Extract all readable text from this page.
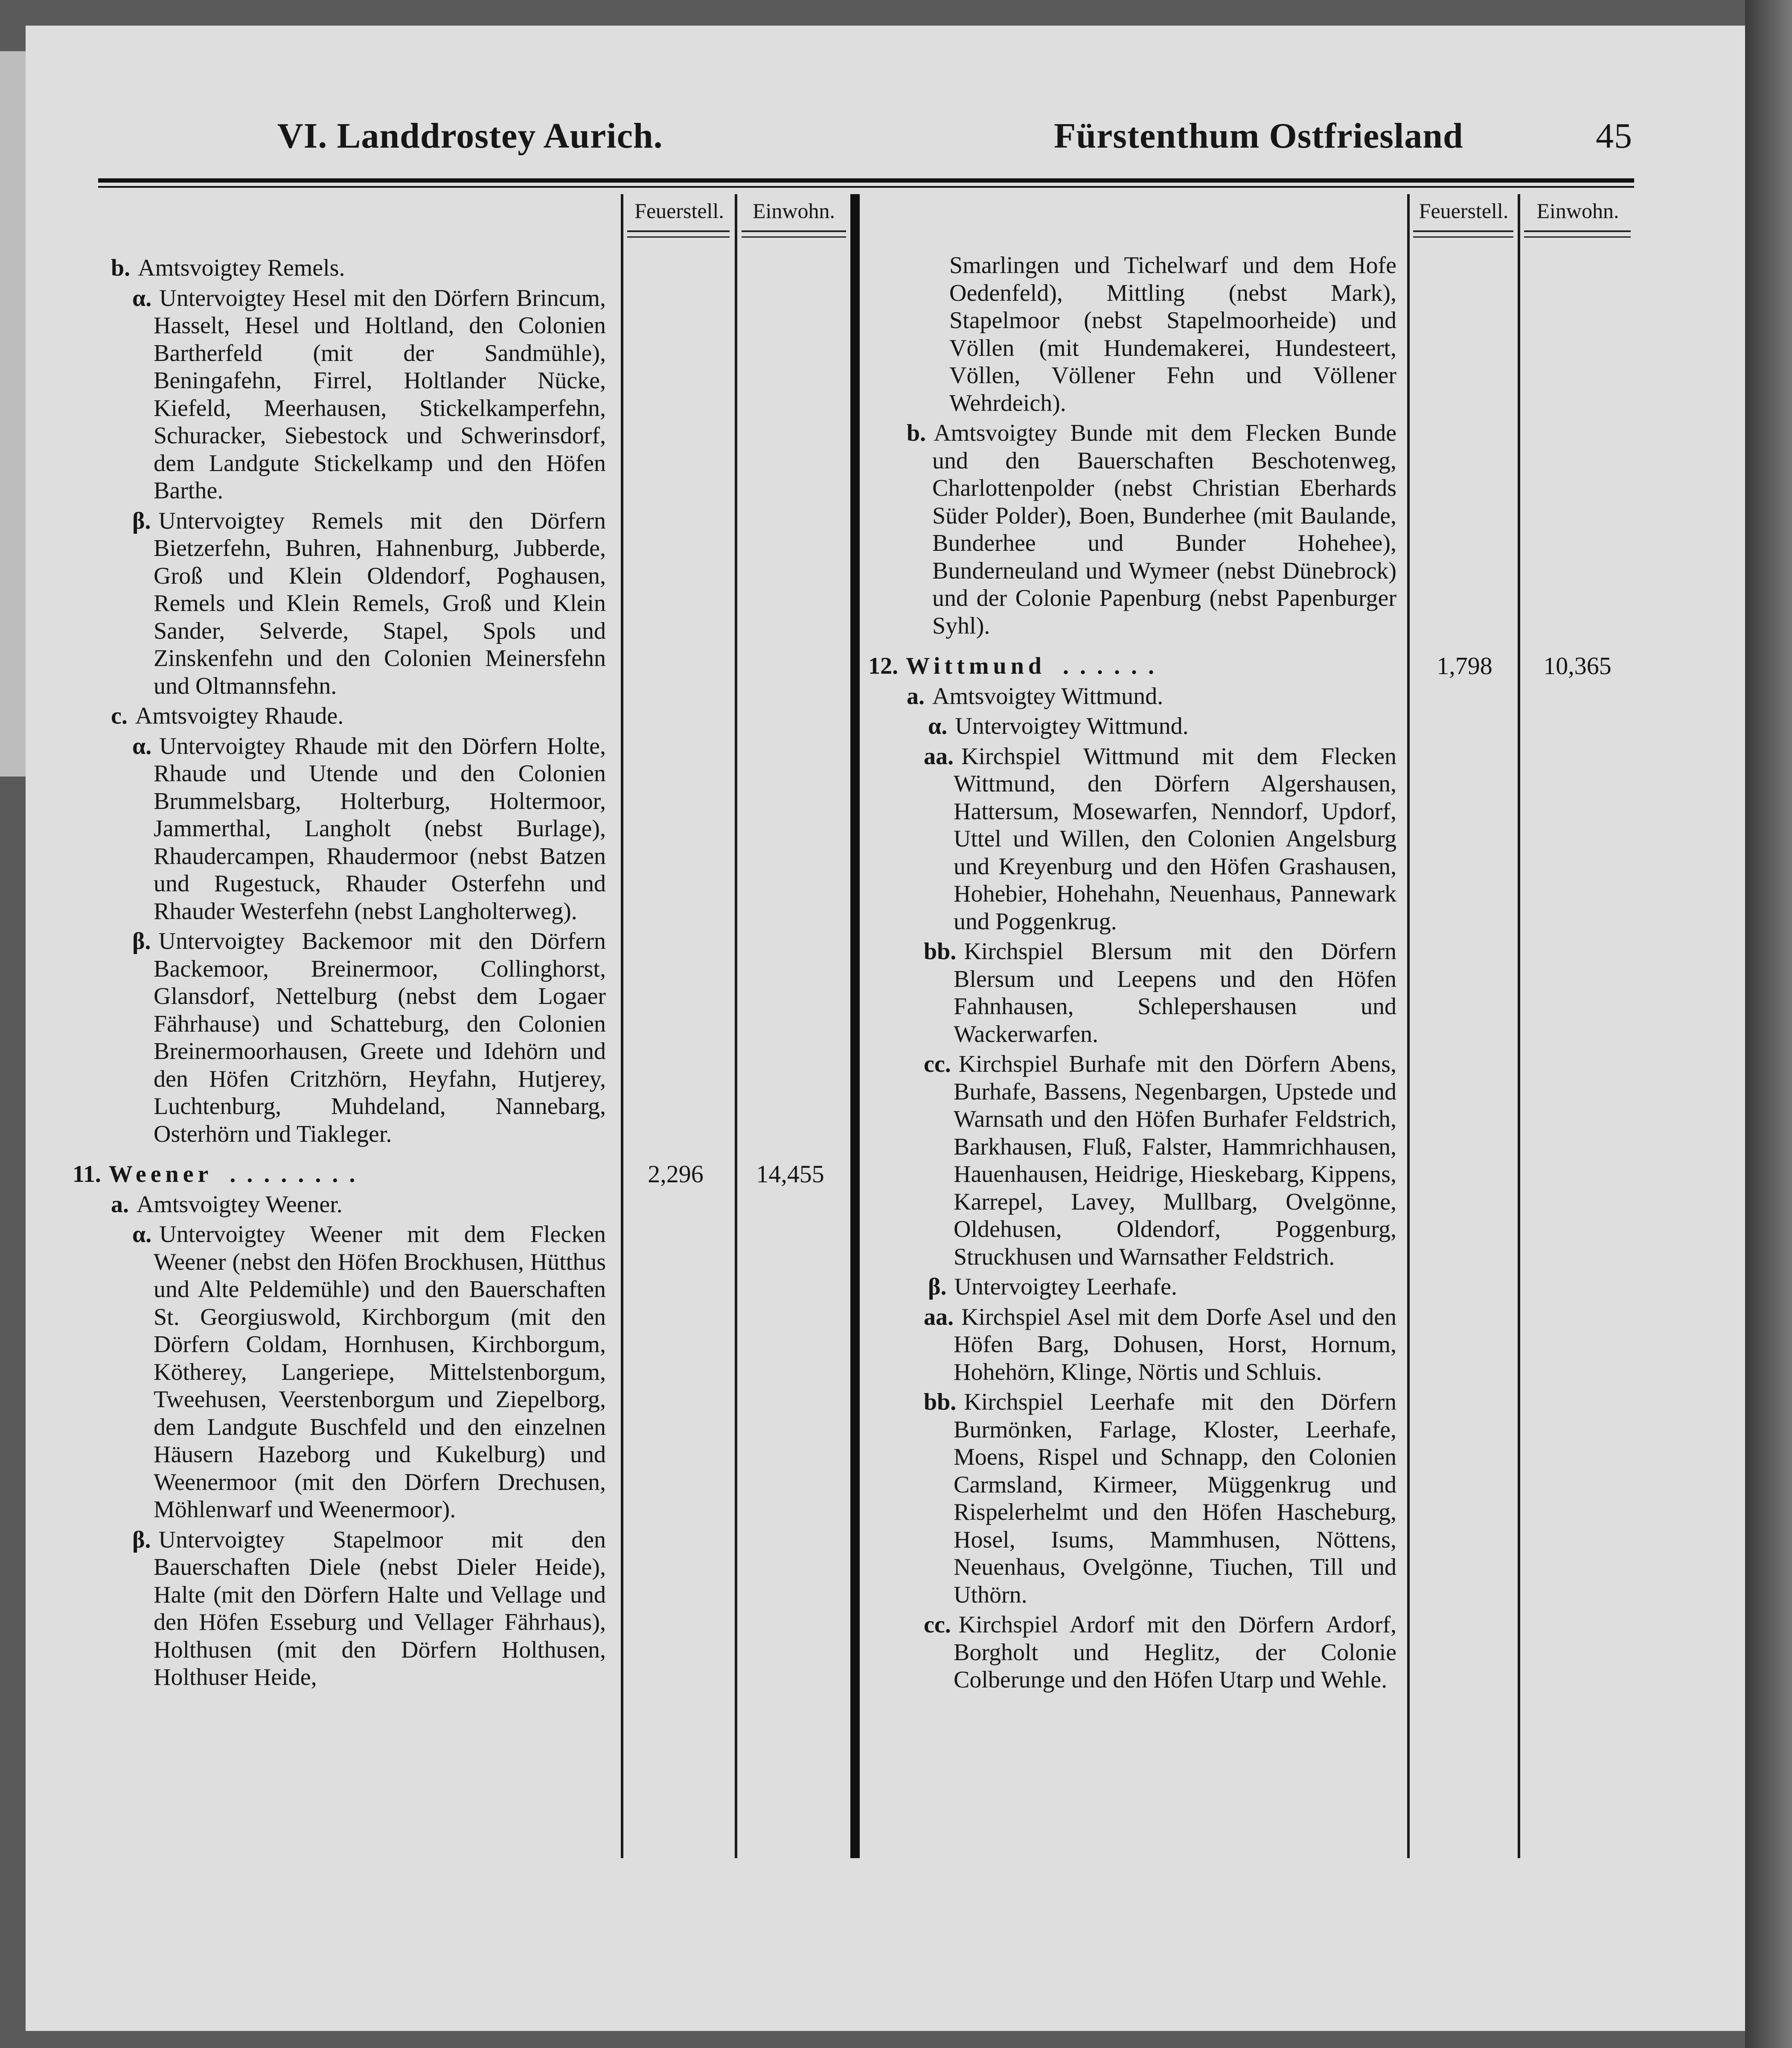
VI. Landdrostey Aurich.	Fürstenthum Ostfriesland	45
Feuerstell.	Einwohn.	Feuerstell.	Einwohn.
b. Amtsvoigtey Remels.
α. Untervoigtey Hesel mit den Dörfern Brincum, Hasselt, Hesel und Holtland, den Colonien Bartherfeld (mit der Sandmühle), Beningafehn, Firrel, Holtlander Nücke, Kiefeld, Meerhausen, Stickelkamperfehn, Schuracker, Siebestock und Schwerinsdorf, dem Landgute Stickelkamp und den Höfen Barthe.
β. Untervoigtey Remels mit den Dörfern Bietzerfehn, Buhren, Hahnenburg, Jubberde, Groß und Klein Oldendorf, Poghausen, Remels und Klein Remels, Groß und Klein Sander, Selverde, Stapel, Spols und Zinskenfehn und den Colonien Meinersfehn und Oltmannsfehn.
c. Amtsvoigtey Rhaude.
α. Untervoigtey Rhaude mit den Dörfern Holte, Rhaude und Utende und den Colonien Brummelsbarg, Holterburg, Holtermoor, Jammerthal, Langholt (nebst Burlage), Rhaudercampen, Rhaudermoor (nebst Batzen und Rugestuck, Rhauder Osterfehn und Rhauder Westerfehn (nebst Langholterweg).
β. Untervoigtey Backemoor mit den Dörfern Backemoor, Breinermoor, Collinghorst, Glansdorf, Nettelburg (nebst dem Logaer Fährhause) und Schatteburg, den Colonien Breinermoorhausen, Greete und Idehörn und den Höfen Critzhörn, Heyfahn, Hutjerey, Luchtenburg, Muhdeland, Nannebarg, Osterhörn und Tiakleger.
11. Weener ........	2,296	14,455
a. Amtsvoigtey Weener.
α. Untervoigtey Weener mit dem Flecken Weener (nebst den Höfen Brockhusen, Hütthus und Alte Peldemühle) und den Bauerschaften St. Georgiuswold, Kirchborgum (mit den Dörfern Coldam, Hornhusen, Kirchborgum, Kötherey, Langeriepe, Mittelstenborgum, Tweehusen, Veerstenborgum und Ziepelborg, dem Landgute Buschfeld und den einzelnen Häusern Hazeborg und Kukelburg) und Weenermoor (mit den Dörfern Drechusen, Möhlenwarf und Weenermoor).
β. Untervoigtey Stapelmoor mit den Bauerschaften Diele (nebst Dieler Heide), Halte (mit den Dörfern Halte und Vellage und den Höfen Esseburg und Vellager Fährhaus), Holthusen (mit den Dörfern Holthusen, Holthuser Heide,
Smarlingen und Tichelwarf und dem Hofe Oedenfeld), Mittling (nebst Mark), Stapelmoor (nebst Stapelmoorheide) und Völlen (mit Hundemakerei, Hundesteert, Völlen, Völlener Fehn und Völlener Wehrdeich).
b. Amtsvoigtey Bunde mit dem Flecken Bunde und den Bauerschaften Beschotenweg, Charlottenpolder (nebst Christian Eberhards Süder Polder), Boen, Bunderhee (mit Baulande, Bunderhee und Bunder Hohehee), Bunderneuland und Wymeer (nebst Dünebrock) und der Colonie Papenburg (nebst Papenburger Syhl).
12. Wittmund ......	1,798	10,365
a. Amtsvoigtey Wittmund.
α. Untervoigtey Wittmund.
aa. Kirchspiel Wittmund mit dem Flecken Wittmund, den Dörfern Algershausen, Hattersum, Mosewarfen, Nenndorf, Updorf, Uttel und Willen, den Colonien Angelsburg und Kreyenburg und den Höfen Grashausen, Hohebier, Hohehahn, Neuenhaus, Pannewark und Poggenkrug.
bb. Kirchspiel Blersum mit den Dörfern Blersum und Leepens und den Höfen Fahnhausen, Schlepershausen und Wackerwarfen.
cc. Kirchspiel Burhafe mit den Dörfern Abens, Burhafe, Bassens, Negenbargen, Upstede und Warnsath und den Höfen Burhafer Feldstrich, Barkhausen, Fluß, Falster, Hammrichhausen, Hauenhausen, Heidrige, Hieskebarg, Kippens, Karrepel, Lavey, Mullbarg, Ovelgönne, Oldehusen, Oldendorf, Poggenburg, Struckhusen und Warnsather Feldstrich.
β. Untervoigtey Leerhafe.
aa. Kirchspiel Asel mit dem Dorfe Asel und den Höfen Barg, Dohusen, Horst, Hornum, Hohehörn, Klinge, Nörtis und Schluis.
bb. Kirchspiel Leerhafe mit den Dörfern Burmönken, Farlage, Kloster, Leerhafe, Moens, Rispel und Schnapp, den Colonien Carmsland, Kirmeer, Müggenkrug und Rispelerhelmt und den Höfen Hascheburg, Hosel, Isums, Mammhusen, Nöttens, Neuenhaus, Ovelgönne, Tiuchen, Till und Uthörn.
cc. Kirchspiel Ardorf mit den Dörfern Ardorf, Borgholt und Heglitz, der Colonie Colberunge und den Höfen Utarp und Wehle.
